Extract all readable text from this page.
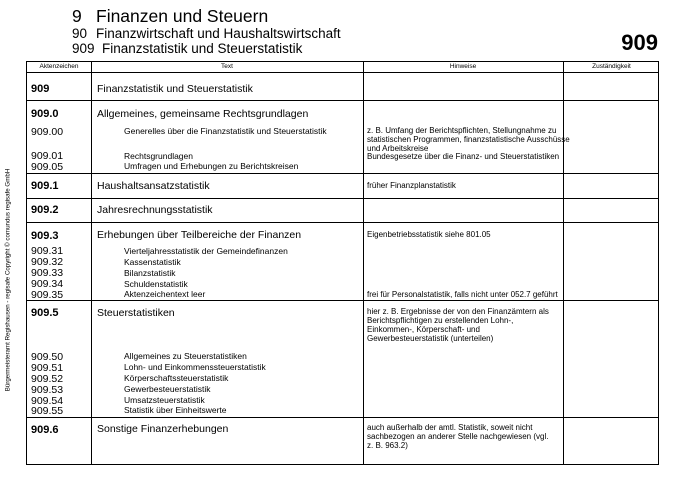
Bürgermeisteramt Regishausen - regisafe Copyright © comundus regisafe GmbH
9 Finanzen und Steuern
90 Finanzwirtschaft und Haushaltswirtschaft
909 Finanzstatistik und Steuerstatistik	909
Aktenzeichen	Text	Hinweise	Zuständigkeit
909	Finanzstatistik und Steuerstatistik
909.0	Allgemeines, gemeinsame Rechtsgrundlagen
909.00	Generelles über die Finanzstatistik und Steuerstatistik	z. B. Umfang der Berichtspflichten, Stellungnahme zu
statistischen Programmen, finanzstatistische Ausschüsse
und Arbeitskreise
909.01	Rechtsgrundlagen	Bundesgesetze über die Finanz- und Steuerstatistiken
909.05	Umfragen und Erhebungen zu Berichtskreisen
909.1	Haushaltsansatzstatistik	früher Finanzplanstatistik
909.2	Jahresrechnungsstatistik
909.3	Erhebungen über Teilbereiche der Finanzen	Eigenbetriebsstatistik siehe 801.05
909.31	Vierteljahresstatistik der Gemeindefinanzen
909.32	Kassenstatistik
909.33	Bilanzstatistik
909.34	Schuldenstatistik
909.35	Aktenzeichentext leer	frei für Personalstatistik, falls nicht unter 052.7 geführt
909.5	Steuerstatistiken	hier z. B. Ergebnisse der von den Finanzämtern als
Berichtspflichtigen zu erstellenden Lohn-,
Einkommen-, Körperschaft- und
Gewerbesteuerstatistik (unterteilen)
909.50	Allgemeines zu Steuerstatistiken
909.51	Lohn- und Einkommenssteuerstatistik
909.52	Körperschaftssteuerstatistik
909.53	Gewerbesteuerstatistik
909.54	Umsatzsteuerstatistik
909.55	Statistik über Einheitswerte
909.6	Sonstige Finanzerhebungen	auch außerhalb der amtl. Statistik, soweit nicht
sachbezogen an anderer Stelle nachgewiesen (vgl.
z. B. 963.2)
